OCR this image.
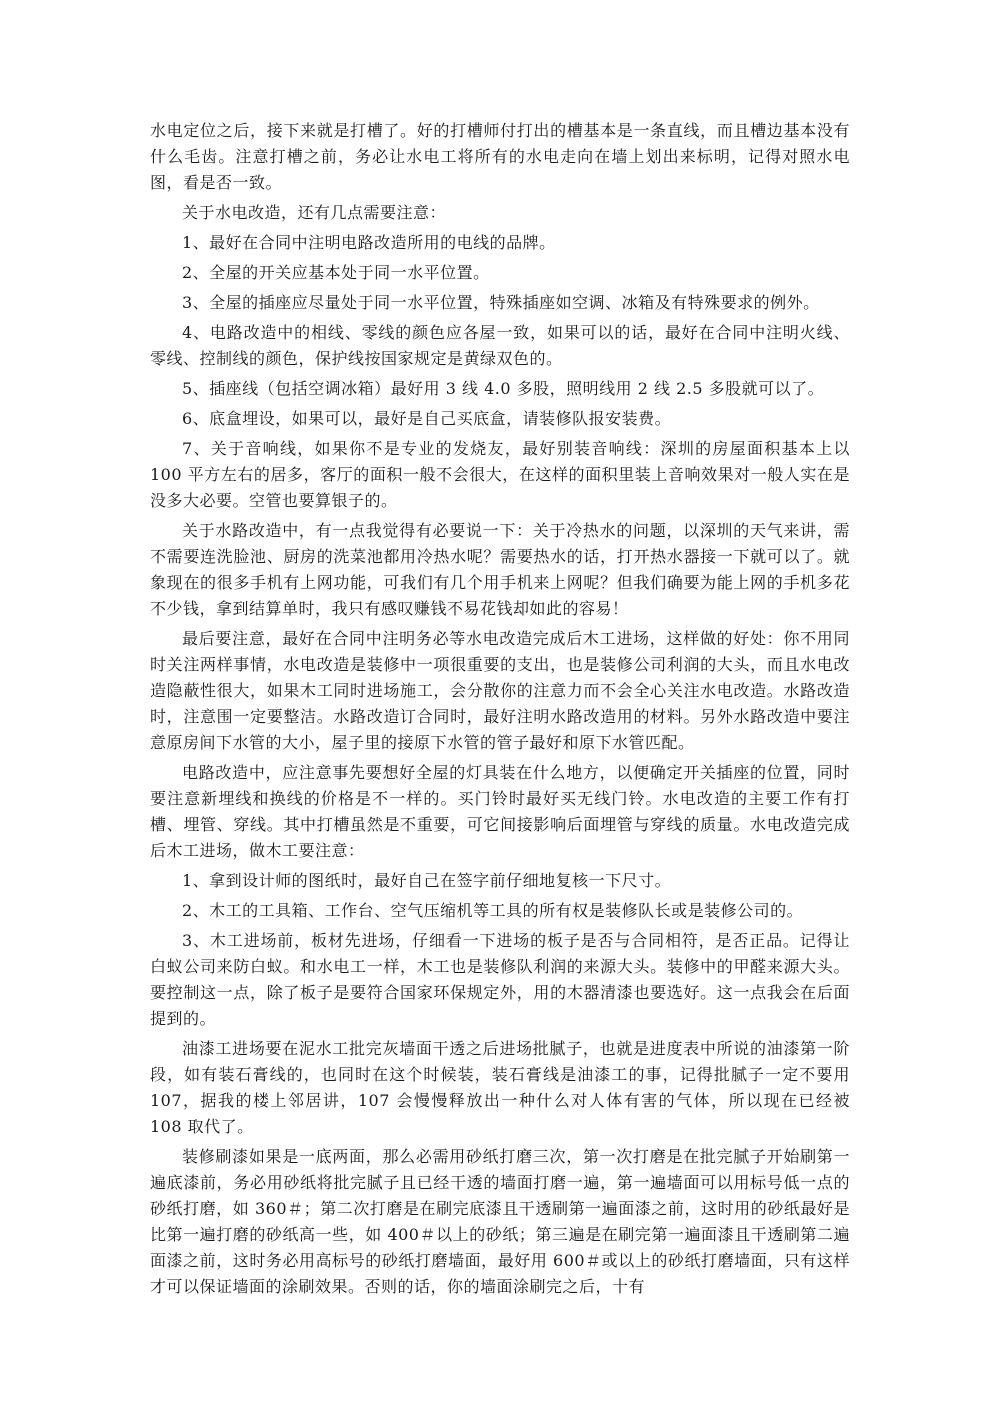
水电定位之后，接下来就是打槽了。好的打槽师付打出的槽基本是一条直线，而且槽边基本没有什么毛齿。注意打槽之前，务必让水电工将所有的水电走向在墙上划出来标明，记得对照水电图，看是否一致。

关于水电改造，还有几点需要注意：

1、最好在合同中注明电路改造所用的电线的品牌。

2、全屋的开关应基本处于同一水平位置。

3、全屋的插座应尽量处于同一水平位置，特殊插座如空调、冰箱及有特殊要求的例外。

4、电路改造中的相线、零线的颜色应各屋一致，如果可以的话，最好在合同中注明火线、零线、控制线的颜色，保护线按国家规定是黄绿双色的。

5、插座线（包括空调冰箱）最好用 3 线 4.0 多股，照明线用 2 线 2.5 多股就可以了。

6、底盒埋设，如果可以，最好是自己买底盒，请装修队报安装费。

7、关于音响线，如果你不是专业的发烧友，最好别装音响线：深圳的房屋面积基本上以 100 平方左右的居多，客厅的面积一般不会很大，在这样的面积里装上音响效果对一般人实在是没多大必要。空管也要算银子的。

关于水路改造中，有一点我觉得有必要说一下：关于冷热水的问题，以深圳的天气来讲，需不需要连洗脸池、厨房的洗菜池都用冷热水呢？需要热水的话，打开热水器接一下就可以了。就象现在的很多手机有上网功能，可我们有几个用手机来上网呢？但我们确要为能上网的手机多花不少钱，拿到结算单时，我只有感叹赚钱不易花钱却如此的容易！

最后要注意，最好在合同中注明务必等水电改造完成后木工进场，这样做的好处：你不用同时关注两样事情，水电改造是装修中一项很重要的支出，也是装修公司利润的大头，而且水电改造隐蔽性很大，如果木工同时进场施工，会分散你的注意力而不会全心关注水电改造。水路改造时，注意围一定要整洁。水路改造订合同时，最好注明水路改造用的材料。另外水路改造中要注意原房间下水管的大小，屋子里的接原下水管的管子最好和原下水管匹配。

电路改造中，应注意事先要想好全屋的灯具装在什么地方，以便确定开关插座的位置，同时要注意新埋线和换线的价格是不一样的。买门铃时最好买无线门铃。水电改造的主要工作有打槽、埋管、穿线。其中打槽虽然是不重要，可它间接影响后面埋管与穿线的质量。水电改造完成后木工进场，做木工要注意：

1、拿到设计师的图纸时，最好自己在签字前仔细地复核一下尺寸。

2、木工的工具箱、工作台、空气压缩机等工具的所有权是装修队长或是装修公司的。

3、木工进场前，板材先进场，仔细看一下进场的板子是否与合同相符，是否正品。记得让白蚁公司来防白蚁。和水电工一样，木工也是装修队利润的来源大头。装修中的甲醛来源大头。要控制这一点，除了板子是要符合国家环保规定外，用的木器清漆也要选好。这一点我会在后面提到的。

油漆工进场要在泥水工批完灰墙面干透之后进场批腻子，也就是进度表中所说的油漆第一阶段，如有装石膏线的，也同时在这个时候装，装石膏线是油漆工的事，记得批腻子一定不要用 107，据我的楼上邻居讲，107 会慢慢释放出一种什么对人体有害的气体，所以现在已经被 108 取代了。

装修刷漆如果是一底两面，那么必需用砂纸打磨三次，第一次打磨是在批完腻子开始刷第一遍底漆前，务必用砂纸将批完腻子且已经干透的墙面打磨一遍，第一遍墙面可以用标号低一点的砂纸打磨，如 360＃；第二次打磨是在刷完底漆且干透刷第一遍面漆之前，这时用的砂纸最好是比第一遍打磨的砂纸高一些，如 400＃以上的砂纸；第三遍是在刷完第一遍面漆且干透刷第二遍面漆之前，这时务必用高标号的砂纸打磨墙面，最好用 600＃或以上的砂纸打磨墙面，只有这样才可以保证墙面的涂刷效果。否则的话，你的墙面涂刷完之后，十有
